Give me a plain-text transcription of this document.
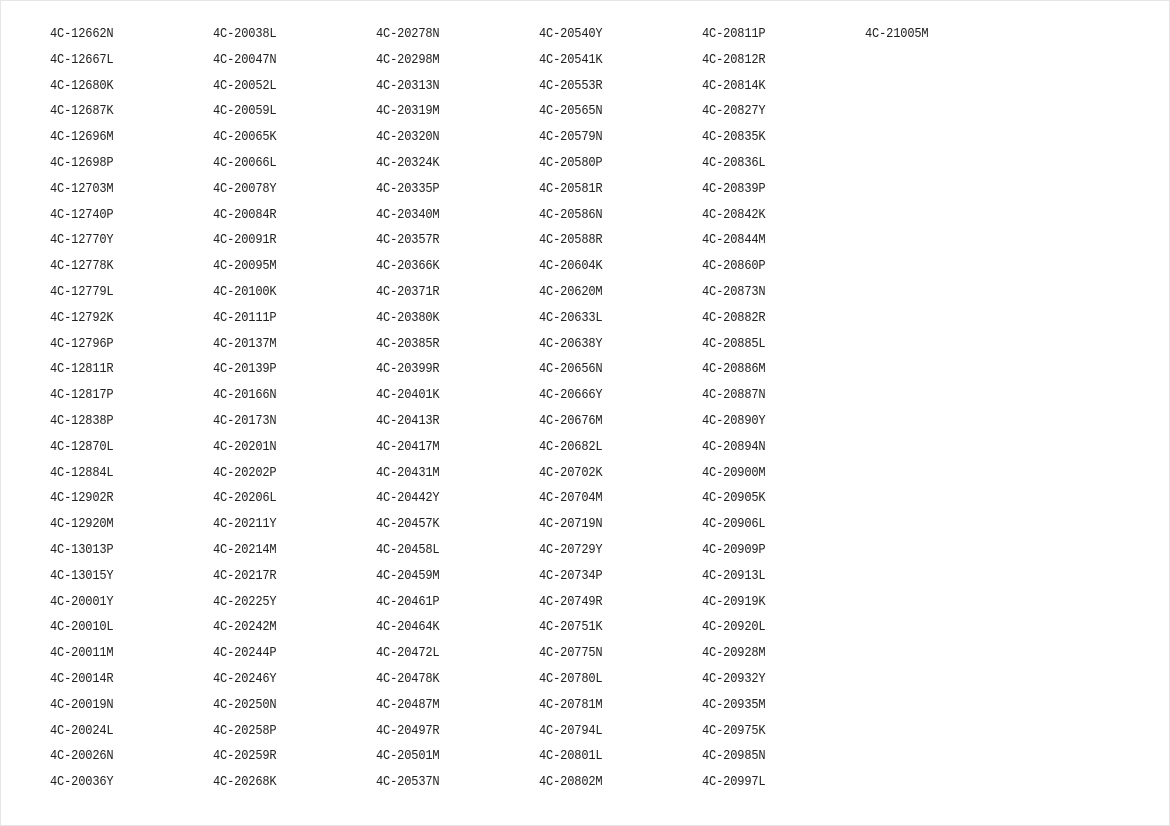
4C-12662N
4C-12667L
4C-12680K
4C-12687K
4C-12696M
4C-12698P
4C-12703M
4C-12740P
4C-12770Y
4C-12778K
4C-12779L
4C-12792K
4C-12796P
4C-12811R
4C-12817P
4C-12838P
4C-12870L
4C-12884L
4C-12902R
4C-12920M
4C-13013P
4C-13015Y
4C-20001Y
4C-20010L
4C-20011M
4C-20014R
4C-20019N
4C-20024L
4C-20026N
4C-20036Y
4C-20038L
4C-20047N
4C-20052L
4C-20059L
4C-20065K
4C-20066L
4C-20078Y
4C-20084R
4C-20091R
4C-20095M
4C-20100K
4C-20111P
4C-20137M
4C-20139P
4C-20166N
4C-20173N
4C-20201N
4C-20202P
4C-20206L
4C-20211Y
4C-20214M
4C-20217R
4C-20225Y
4C-20242M
4C-20244P
4C-20246Y
4C-20250N
4C-20258P
4C-20259R
4C-20268K
4C-20278N
4C-20298M
4C-20313N
4C-20319M
4C-20320N
4C-20324K
4C-20335P
4C-20340M
4C-20357R
4C-20366K
4C-20371R
4C-20380K
4C-20385R
4C-20399R
4C-20401K
4C-20413R
4C-20417M
4C-20431M
4C-20442Y
4C-20457K
4C-20458L
4C-20459M
4C-20461P
4C-20464K
4C-20472L
4C-20478K
4C-20487M
4C-20497R
4C-20501M
4C-20537N
4C-20540Y
4C-20541K
4C-20553R
4C-20565N
4C-20579N
4C-20580P
4C-20581R
4C-20586N
4C-20588R
4C-20604K
4C-20620M
4C-20633L
4C-20638Y
4C-20656N
4C-20666Y
4C-20676M
4C-20682L
4C-20702K
4C-20704M
4C-20719N
4C-20729Y
4C-20734P
4C-20749R
4C-20751K
4C-20775N
4C-20780L
4C-20781M
4C-20794L
4C-20801L
4C-20802M
4C-20811P
4C-20812R
4C-20814K
4C-20827Y
4C-20835K
4C-20836L
4C-20839P
4C-20842K
4C-20844M
4C-20860P
4C-20873N
4C-20882R
4C-20885L
4C-20886M
4C-20887N
4C-20890Y
4C-20894N
4C-20900M
4C-20905K
4C-20906L
4C-20909P
4C-20913L
4C-20919K
4C-20920L
4C-20928M
4C-20932Y
4C-20935M
4C-20975K
4C-20985N
4C-20997L
4C-21005M
